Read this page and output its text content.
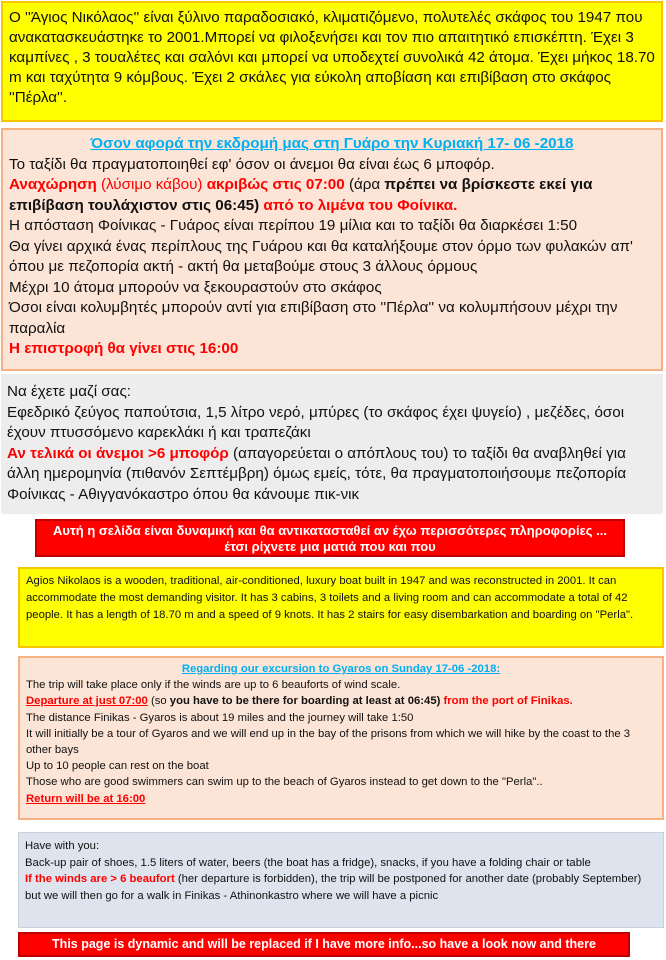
Ο ''Άγιος Νικόλαος'' είναι ξύλινο παραδοσιακό, κλιματιζόμενο, πολυτελές σκάφος του 1947 που ανακατασκευάστηκε το 2001.Μπορεί να φιλοξενήσει και τον πιο απαιτητικό επισκέπτη. Έχει 3 καμπίνες , 3 τουαλέτες και σαλόνι και μπορεί να υποδεχτεί συνολικά 42 άτομα. Έχει μήκος 18.70 m και ταχύτητα 9 κόμβους. Έχει 2 σκάλες για εύκολη αποβίαση και επιβίβαση στο σκάφος ''Πέρλα''.

Όσον αφορά την εκδρομή μας στη Γυάρο την Κυριακή 17- 06 -2018

Το ταξίδι θα πραγματοποιηθεί εφ' όσον οι άνεμοι θα είναι έως 6 μποφόρ.

Αναχώρηση (λύσιμο κάβου) ακριβώς στις 07:00 (άρα πρέπει να βρίσκεστε εκεί για επιβίβαση τουλάχιστον στις 06:45) από το λιμένα του Φοίνικα.

Η απόσταση Φοίνικας - Γυάρος είναι περίπου 19 μίλια και το ταξίδι θα διαρκέσει 1:50

Θα γίνει αρχικά ένας περίπλους της Γυάρου και θα καταλήξουμε στον όρμο των φυλακών απ' όπου με πεζοπορία ακτή - ακτή θα μεταβούμε στους 3 άλλους όρμους

Μέχρι 10 άτομα μπορούν να ξεκουραστούν στο σκάφος

Όσοι είναι κολυμβητές μπορούν αντί για επιβίβαση στο ''Πέρλα'' να κολυμπήσουν μέχρι την παραλία

Η επιστροφή θα γίνει στις 16:00

Να έχετε μαζί σας:

Εφεδρικό ζεύγος παπούτσια, 1,5 λίτρο νερό, μπύρες (το σκάφος έχει ψυγείο) , μεζέδες, όσοι έχουν πτυσσόμενο καρεκλάκι ή και τραπεζάκι

Αν τελικά οι άνεμοι >6 μποφόρ (απαγορεύεται ο απόπλους του) το ταξίδι θα αναβληθεί για άλλη ημερομηνία (πιθανόν Σεπτέμβρη) όμως εμείς, τότε, θα πραγματοποιήσουμε πεζοπορία Φοίνικας - Αθιγγανόκαστρο όπου θα κάνουμε πικ-νικ

Αυτή η σελίδα είναι δυναμική και θα αντικατασταθεί αν έχω περισσότερες πληροφορίες ... έτσι ρίχνετε μια ματιά που και που

Agios Nikolaos is a wooden, traditional, air-conditioned, luxury boat built in 1947 and was reconstructed in 2001. It can accommodate the most demanding visitor. It has 3 cabins, 3 toilets and a living room and can accommodate a total of 42 people. It has a length of 18.70 m and a speed of 9 knots. It has 2 stairs for easy disembarkation and boarding on "Perla".

Regarding our excursion to Gyaros on Sunday 17-06 -2018:

The trip will take place only if the winds are up to 6 beauforts of wind scale.

Departure at just 07:00 (so you have to be there for boarding at least at 06:45) from the port of Finikas.

The distance Finikas - Gyaros is about 19 miles and the journey will take 1:50

It will initially be a tour of Gyaros and we will end up in the bay of the prisons from which we will hike by the coast to the 3 other bays

Up to 10 people can rest on the boat

Those who are good swimmers can swim up to the beach of Gyaros instead to get down to the "Perla"..

Return will be at 16:00

Have with you:

Back-up pair of shoes, 1.5 liters of water, beers (the boat has a fridge), snacks, if you have a folding chair or table

If the winds are > 6 beaufort (her departure is forbidden), the trip will be postponed for another date (probably September) but we will then go for a walk in Finikas - Athinonkastro where we will have a picnic

This page is dynamic and will be replaced if I have more info...so have a look now and there
